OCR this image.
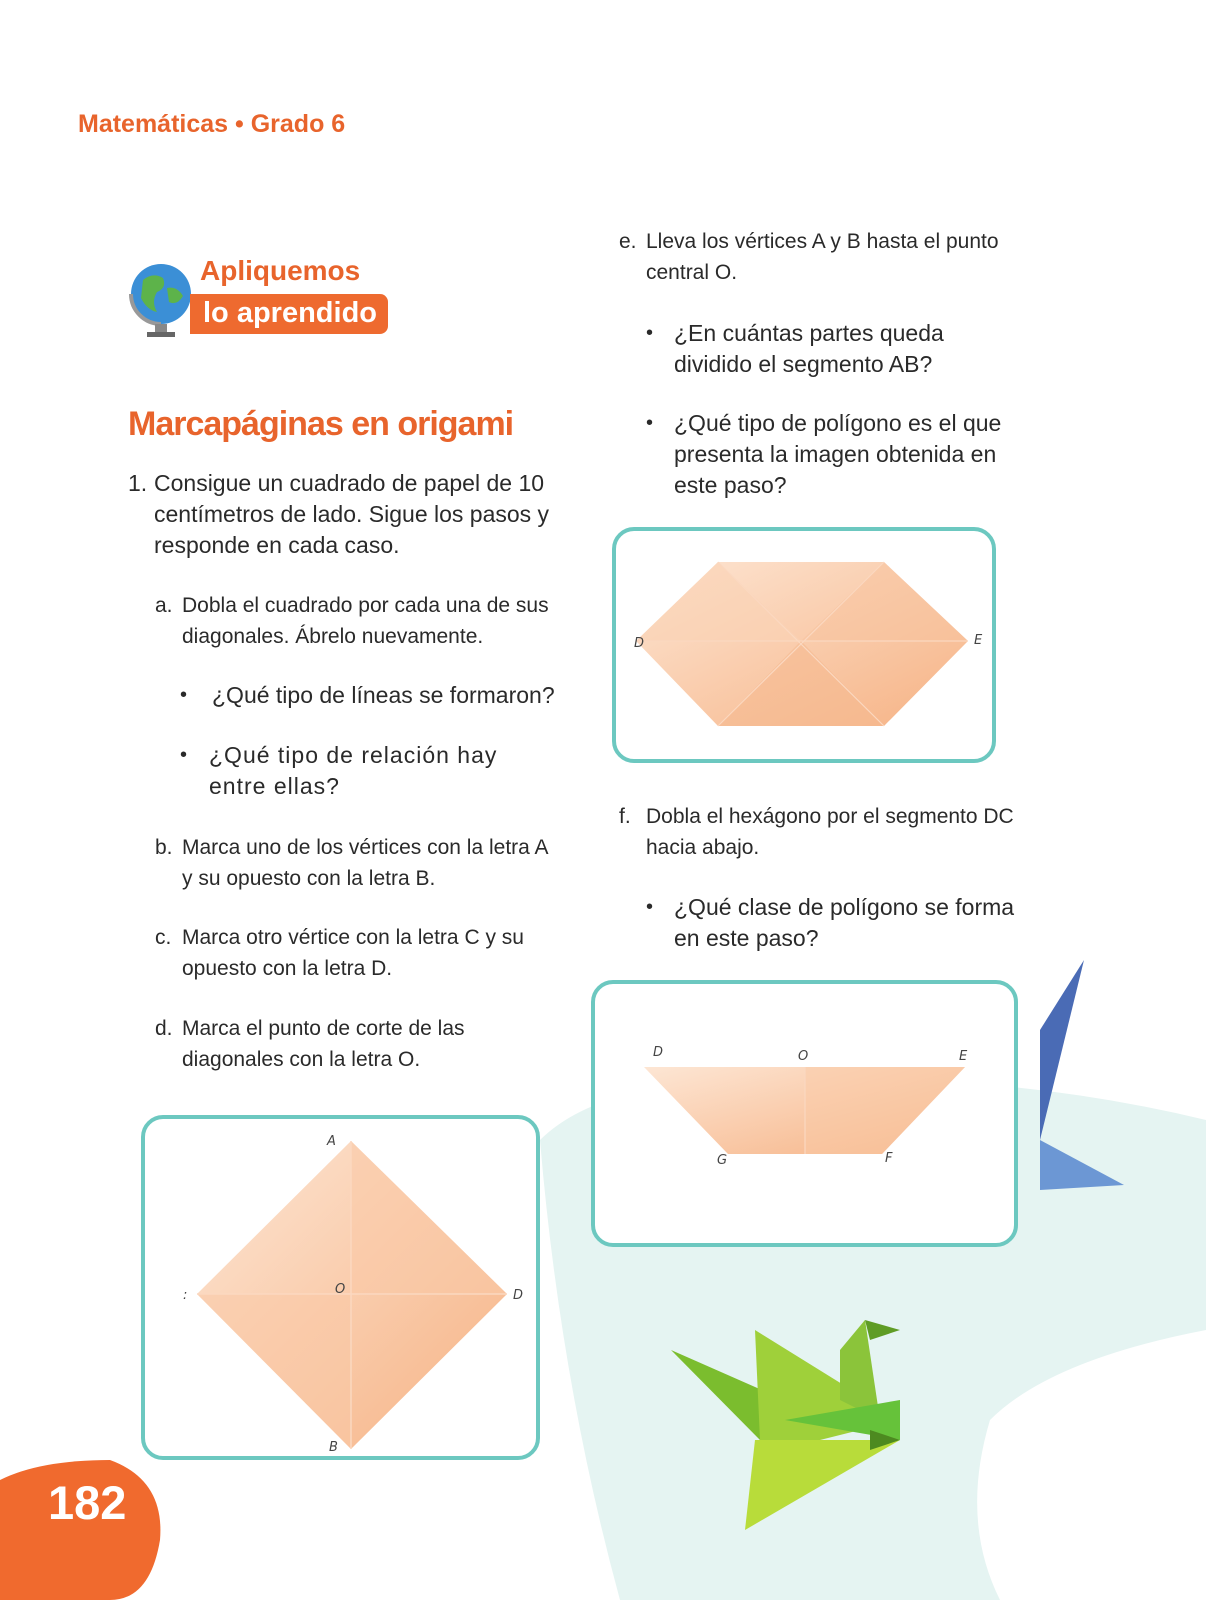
Matemáticas • Grado 6
Apliquemos
lo aprendido
Marcapáginas en origami
1. Consigue un cuadrado de papel de 10 centímetros de lado. Sigue los pasos y responde en cada caso.
a. Dobla el cuadrado por cada una de sus diagonales. Ábrelo nuevamente.
• ¿Qué tipo de líneas se formaron?
• ¿Qué tipo de relación hay entre ellas?
b. Marca uno de los vértices con la letra A y su opuesto con la letra B.
c. Marca otro vértice con la letra C y su opuesto con la letra D.
d. Marca el punto de corte de las diagonales con la letra O.
A
D
B
O
:
e. Lleva los vértices A y B hasta el punto central O.
• ¿En cuántas partes queda dividido el segmento AB?
• ¿Qué tipo de polígono es el que presenta la imagen obtenida en este paso?
D	E
f. Dobla el hexágono por el segmento DC hacia abajo.
• ¿Qué clase de polígono se forma en este paso?
D	O	E
G	F
182
